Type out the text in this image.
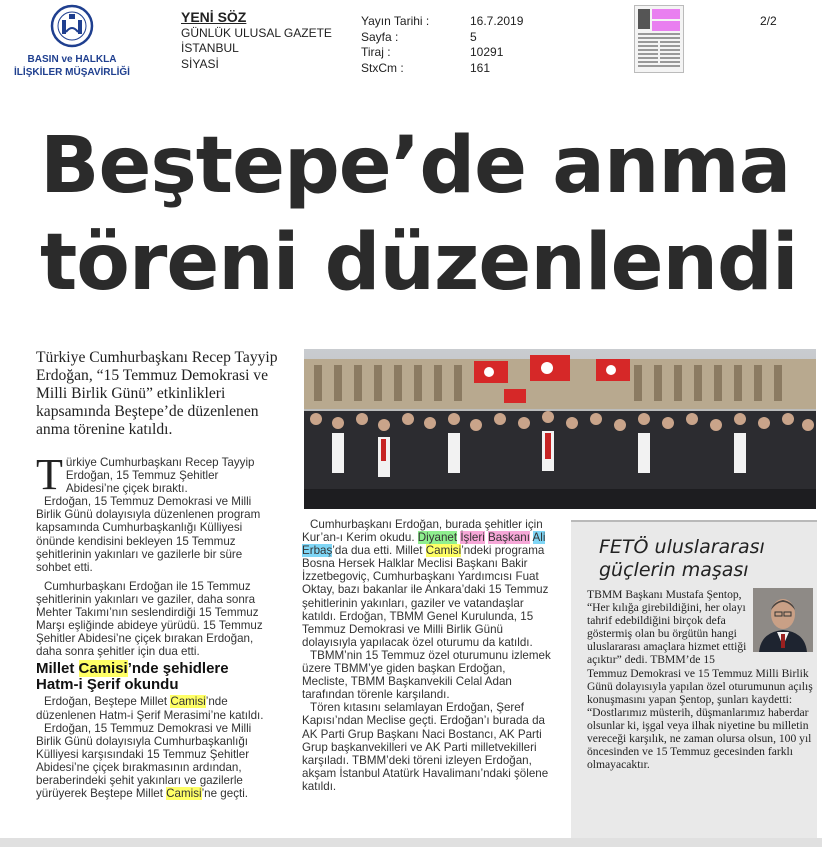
BASIN ve HALKLA İLİŞKİLER MÜŞAVİRLİĞİ
YENİ SÖZ
GÜNLÜK ULUSAL GAZETE
İSTANBUL
SİYASİ
Yayın Tarihi :
Sayfa :
Tiraj :
StxCm :
16.7.2019
5
10291
161
2/2
Beştepe’de anma
töreni düzenlendi
Türkiye Cumhurbaşkanı Recep Tayyip Erdoğan, “15 Temmuz Demokrasi ve Milli Birlik Günü” etkinlikleri kapsamında Beştepe’de düzenlenen anma törenine katıldı.

Türkiye Cumhurbaşkanı Recep Tayyip Erdoğan, 15 Temmuz Şehitler Abidesi’ne çiçek bıraktı.

Erdoğan, 15 Temmuz Demokrasi ve Milli Birlik Günü dolayısıyla düzenlenen program kapsamında Cumhurbaşkanlığı Külliyesi önünde kendisini bekleyen 15 Temmuz şehitlerinin yakınları ve gazilerle bir süre sohbet etti.

Cumhurbaşkanı Erdoğan ile 15 Temmuz şehitlerinin yakınları ve gaziler, daha sonra Mehter Takımı’nın seslendirdiği 15 Temmuz Marşı eşliğinde abideye yürüdü. 15 Temmuz Şehitler Abidesi’ne çiçek bırakan Erdoğan, daha sonra şehitler için dua etti.

Millet Camisi’nde şehidlere Hatm-i Şerif okundu

Erdoğan, Beştepe Millet Camisi’nde düzenlenen Hatm-i Şerif Merasimi’ne katıldı.

Erdoğan, 15 Temmuz Demokrasi ve Milli Birlik Günü dolayısıyla Cumhurbaşkanlığı Külliyesi karşısındaki 15 Temmuz Şehitler Abidesi’ne çiçek bırakmasının ardından, beraberindeki şehit yakınları ve gazilerle yürüyerek Beştepe Millet Camisi’ne geçti.

Cumhurbaşkanı Erdoğan, burada şehitler için Kur’an-ı Kerim okudu. Diyanet İşleri Başkanı Ali Erbaş’da dua etti. Millet Camisi’ndeki programa Bosna Hersek Halklar Meclisi Başkanı Bakir İzzetbegoviç, Cumhurbaşkanı Yardımcısı Fuat Oktay, bazı bakanlar ile Ankara’daki 15 Temmuz şehitlerinin yakınları, gaziler ve vatandaşlar katıldı. Erdoğan, TBMM Genel Kurulunda, 15 Temmuz Demokrasi ve Milli Birlik Günü dolayısıyla yapılacak özel oturumu da katıldı.

TBMM’nin 15 Temmuz özel oturumunu izlemek üzere TBMM’ye giden başkan Erdoğan, Mecliste, TBMM Başkanvekili Celal Adan tarafından törenle karşılandı.

Tören kıtasını selamlayan Erdoğan, Şeref Kapısı’ndan Meclise geçti. Erdoğan’ı burada da AK Parti Grup Başkanı Naci Bostancı, AK Parti Grup başkanvekilleri ve AK Parti milletvekilleri karşıladı. TBMM’deki töreni izleyen Erdoğan, akşam İstanbul Atatürk Havalimanı’ndaki şölene katıldı.

FETÖ uluslararası
güçlerin maşası

TBMM Başkanı Mustafa Şentop, “Her kılığa girebildiğini, her olayı tahrif edebildiğini birçok defa göstermiş olan bu örgütün hangi uluslararası amaçlara hizmet ettiği açıktır” dedi. TBMM’de 15 Temmuz Demokrasi ve 15 Temmuz Milli Birlik Günü dolayısıyla yapılan özel oturumunun açılış konuşmasını yapan Şentop, şunları kaydetti: “Dostlarımız müsterih, düşmanlarımız haberdar olsunlar ki, işgal veya ilhak niyetine bu milletin vereceği karşılık, ne zaman olursa olsun, 100 yıl öncesinden ve 15 Temmuz gecesinden farklı olmayacaktır.
